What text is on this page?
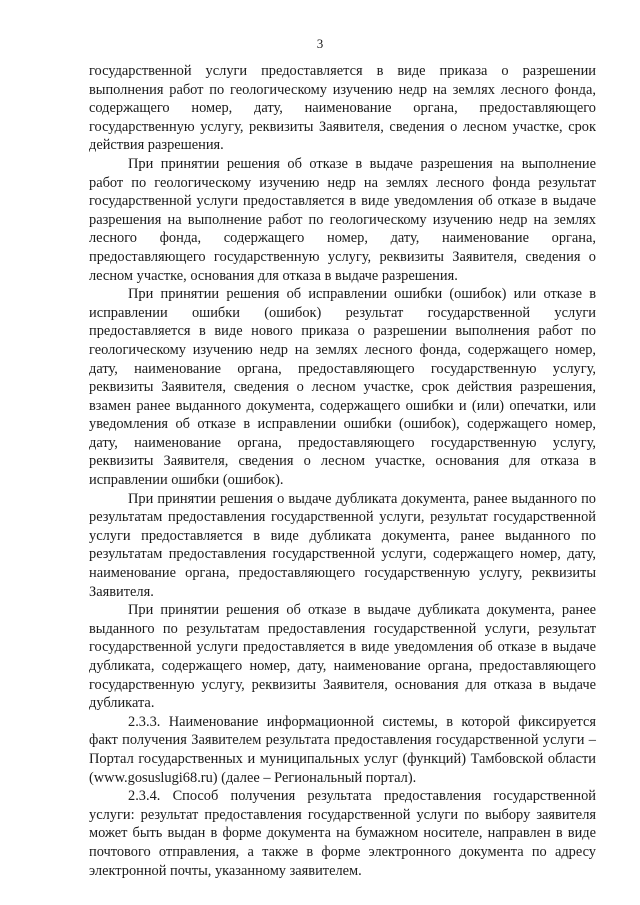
3

государственной услуги предоставляется в виде приказа о разрешении выполнения работ по геологическому изучению недр на землях лесного фонда, содержащего номер, дату, наименование органа, предоставляющего государственную услугу, реквизиты Заявителя, сведения о лесном участке, срок действия разрешения.

При принятии решения об отказе в выдаче разрешения на выполнение работ по геологическому изучению недр на землях лесного фонда результат государственной услуги предоставляется в виде уведомления об отказе в выдаче разрешения на выполнение работ по геологическому изучению недр на землях лесного фонда, содержащего номер, дату, наименование органа, предоставляющего государственную услугу, реквизиты Заявителя, сведения о лесном участке, основания для отказа в выдаче разрешения.

При принятии решения об исправлении ошибки (ошибок) или отказе в исправлении ошибки (ошибок) результат государственной услуги предоставляется в виде нового приказа о разрешении выполнения работ по геологическому изучению недр на землях лесного фонда, содержащего номер, дату, наименование органа, предоставляющего государственную услугу, реквизиты Заявителя, сведения о лесном участке, срок действия разрешения, взамен ранее выданного документа, содержащего ошибки и (или) опечатки, или уведомления об отказе в исправлении ошибки (ошибок), содержащего номер, дату, наименование органа, предоставляющего государственную услугу, реквизиты Заявителя, сведения о лесном участке, основания для отказа в исправлении ошибки (ошибок).

При принятии решения о выдаче дубликата документа, ранее выданного по результатам предоставления государственной услуги, результат государственной услуги предоставляется в виде дубликата документа, ранее выданного по результатам предоставления государственной услуги, содержащего номер, дату, наименование органа, предоставляющего государственную услугу, реквизиты Заявителя.

При принятии решения об отказе в выдаче дубликата документа, ранее выданного по результатам предоставления государственной услуги, результат государственной услуги предоставляется в виде уведомления об отказе в выдаче дубликата, содержащего номер, дату, наименование органа, предоставляющего государственную услугу, реквизиты Заявителя, основания для отказа в выдаче дубликата.

2.3.3. Наименование информационной системы, в которой фиксируется факт получения Заявителем результата предоставления государственной услуги – Портал государственных и муниципальных услуг (функций) Тамбовской области (www.gosuslugi68.ru) (далее – Региональный портал).

2.3.4. Способ получения результата предоставления государственной услуги: результат предоставления государственной услуги по выбору заявителя может быть выдан в форме документа на бумажном носителе, направлен в виде почтового отправления, а также в форме электронного документа по адресу электронной почты, указанному заявителем.
